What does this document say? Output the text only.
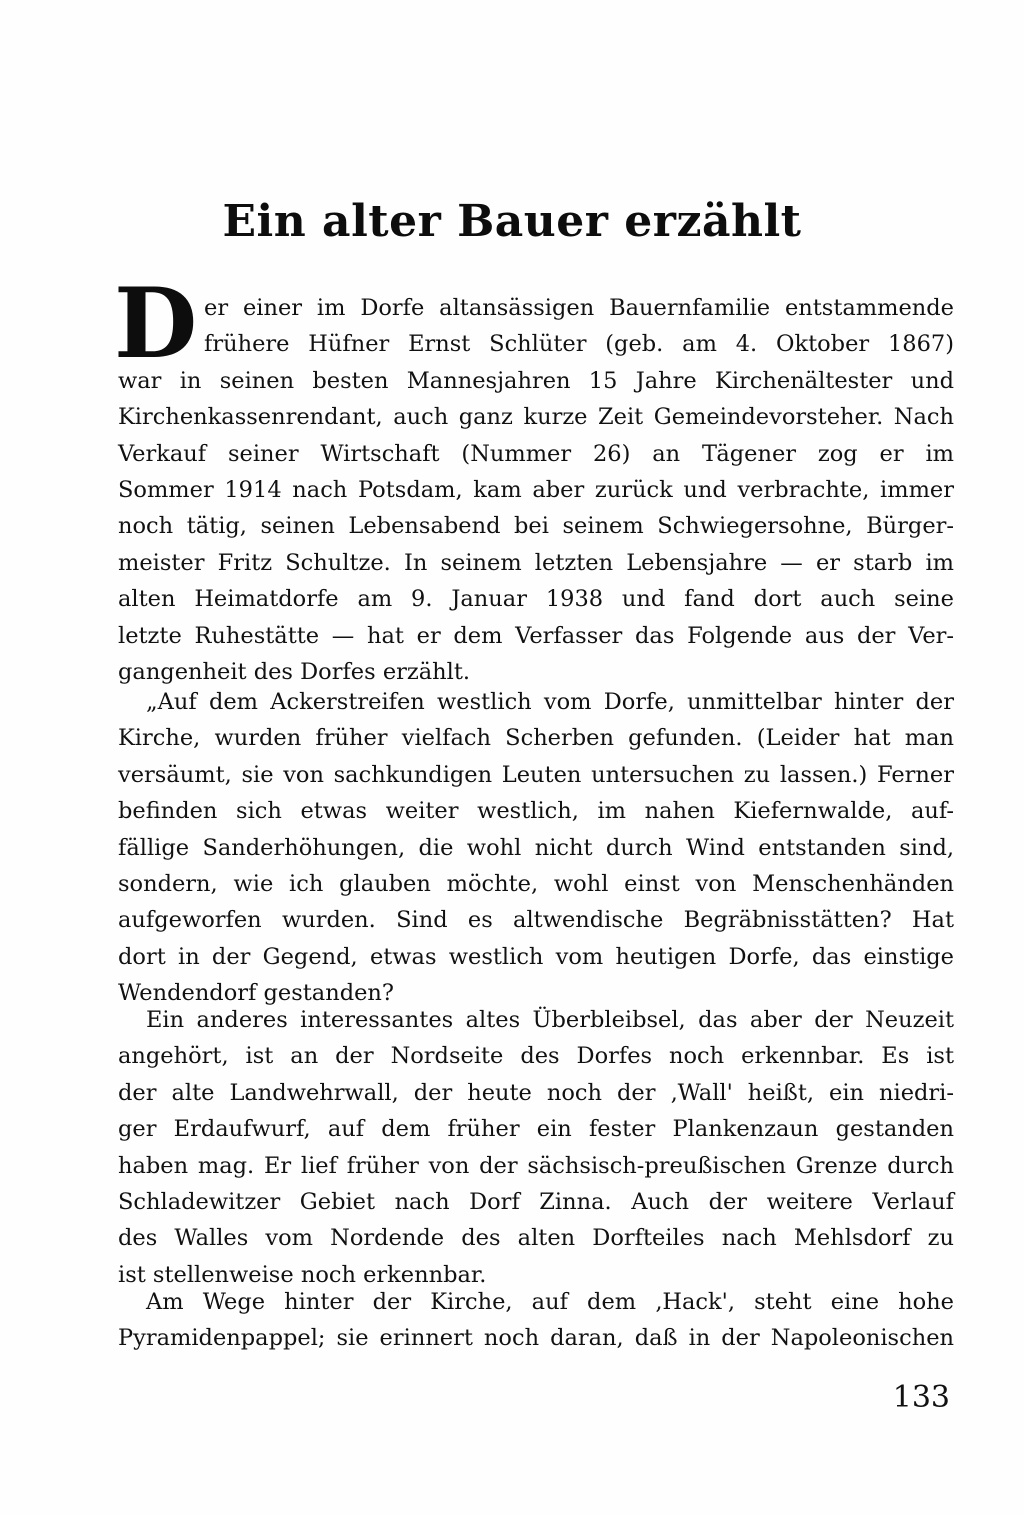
Ein alter Bauer erzählt
D er einer im Dorfe altansässigen Bauernfamilie entstammende
frühere Hüfner Ernst Schlüter (geb. am 4. Oktober 1867)
war in seinen besten Mannesjahren 15 Jahre Kirchenältester und
Kirchenkassenrendant, auch ganz kurze Zeit Gemeindevorsteher. Nach
Verkauf seiner Wirtschaft (Nummer 26) an Tägener zog er im
Sommer 1914 nach Potsdam, kam aber zurück und verbrachte, immer
noch tätig, seinen Lebensabend bei seinem Schwiegersohne, Bürger-
meister Fritz Schultze. In seinem letzten Lebensjahre — er starb im
alten Heimatdorfe am 9. Januar 1938 und fand dort auch seine
letzte Ruhestätte — hat er dem Verfasser das Folgende aus der Ver-
gangenheit des Dorfes erzählt.
„Auf dem Ackerstreifen westlich vom Dorfe, unmittelbar hinter der
Kirche, wurden früher vielfach Scherben gefunden. (Leider hat man
versäumt, sie von sachkundigen Leuten untersuchen zu lassen.) Ferner
befinden sich etwas weiter westlich, im nahen Kiefernwalde, auf-
fällige Sanderhöhungen, die wohl nicht durch Wind entstanden sind,
sondern, wie ich glauben möchte, wohl einst von Menschenhänden
aufgeworfen wurden. Sind es altwendische Begräbnisstätten? Hat
dort in der Gegend, etwas westlich vom heutigen Dorfe, das einstige
Wendendorf gestanden?
Ein anderes interessantes altes Überbleibsel, das aber der Neuzeit
angehört, ist an der Nordseite des Dorfes noch erkennbar. Es ist
der alte Landwehrwall, der heute noch der ‚Wall' heißt, ein niedri-
ger Erdaufwurf, auf dem früher ein fester Plankenzaun gestanden
haben mag. Er lief früher von der sächsisch-preußischen Grenze durch
Schladewitzer Gebiet nach Dorf Zinna. Auch der weitere Verlauf
des Walles vom Nordende des alten Dorfteiles nach Mehlsdorf zu
ist stellenweise noch erkennbar.
Am Wege hinter der Kirche, auf dem ‚Hack', steht eine hohe
Pyramidenpappel; sie erinnert noch daran, daß in der Napoleonischen
133
